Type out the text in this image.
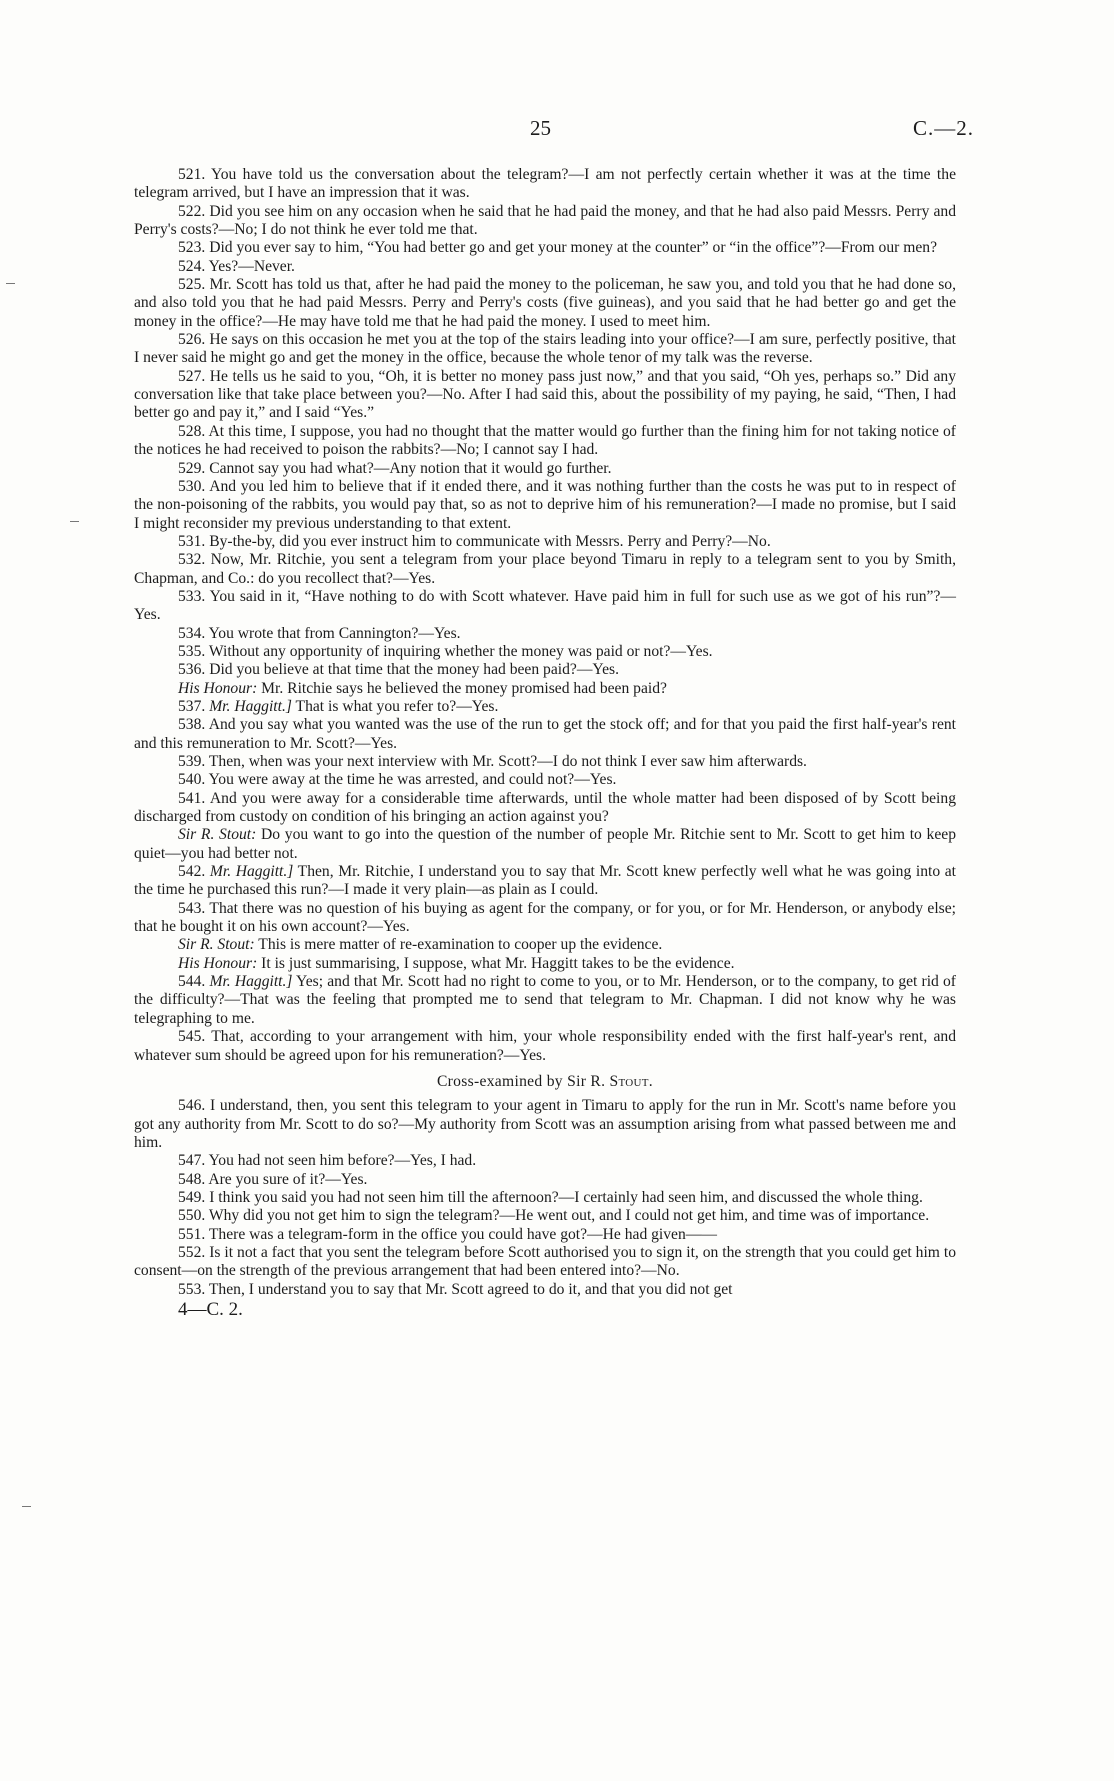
25	C.—2.

521. You have told us the conversation about the telegram?—I am not perfectly certain whether it was at the time the telegram arrived, but I have an impression that it was.

522. Did you see him on any occasion when he said that he had paid the money, and that he had also paid Messrs. Perry and Perry's costs?—No; I do not think he ever told me that.

523. Did you ever say to him, “You had better go and get your money at the counter” or “in the office”?—From our men?

524. Yes?—Never.

525. Mr. Scott has told us that, after he had paid the money to the policeman, he saw you, and told you that he had done so, and also told you that he had paid Messrs. Perry and Perry's costs (five guineas), and you said that he had better go and get the money in the office?—He may have told me that he had paid the money. I used to meet him.

526. He says on this occasion he met you at the top of the stairs leading into your office?—I am sure, perfectly positive, that I never said he might go and get the money in the office, because the whole tenor of my talk was the reverse.

527. He tells us he said to you, “Oh, it is better no money pass just now,” and that you said, “Oh yes, perhaps so.” Did any conversation like that take place between you?—No. After I had said this, about the possibility of my paying, he said, “Then, I had better go and pay it,” and I said “Yes.”

528. At this time, I suppose, you had no thought that the matter would go further than the fining him for not taking notice of the notices he had received to poison the rabbits?—No; I cannot say I had.

529. Cannot say you had what?—Any notion that it would go further.

530. And you led him to believe that if it ended there, and it was nothing further than the costs he was put to in respect of the non-poisoning of the rabbits, you would pay that, so as not to deprive him of his remuneration?—I made no promise, but I said I might reconsider my previous understanding to that extent.

531. By-the-by, did you ever instruct him to communicate with Messrs. Perry and Perry?—No.

532. Now, Mr. Ritchie, you sent a telegram from your place beyond Timaru in reply to a telegram sent to you by Smith, Chapman, and Co.: do you recollect that?—Yes.

533. You said in it, “Have nothing to do with Scott whatever. Have paid him in full for such use as we got of his run”?—Yes.

534. You wrote that from Cannington?—Yes.

535. Without any opportunity of inquiring whether the money was paid or not?—Yes.

536. Did you believe at that time that the money had been paid?—Yes.

His Honour: Mr. Ritchie says he believed the money promised had been paid?

537. Mr. Haggitt.] That is what you refer to?—Yes.

538. And you say what you wanted was the use of the run to get the stock off; and for that you paid the first half-year's rent and this remuneration to Mr. Scott?—Yes.

539. Then, when was your next interview with Mr. Scott?—I do not think I ever saw him afterwards.

540. You were away at the time he was arrested, and could not?—Yes.

541. And you were away for a considerable time afterwards, until the whole matter had been disposed of by Scott being discharged from custody on condition of his bringing an action against you?

Sir R. Stout: Do you want to go into the question of the number of people Mr. Ritchie sent to Mr. Scott to get him to keep quiet—you had better not.

542. Mr. Haggitt.] Then, Mr. Ritchie, I understand you to say that Mr. Scott knew perfectly well what he was going into at the time he purchased this run?—I made it very plain—as plain as I could.

543. That there was no question of his buying as agent for the company, or for you, or for Mr. Henderson, or anybody else; that he bought it on his own account?—Yes.

Sir R. Stout: This is mere matter of re-examination to cooper up the evidence.

His Honour: It is just summarising, I suppose, what Mr. Haggitt takes to be the evidence.

544. Mr. Haggitt.] Yes; and that Mr. Scott had no right to come to you, or to Mr. Henderson, or to the company, to get rid of the difficulty?—That was the feeling that prompted me to send that telegram to Mr. Chapman. I did not know why he was telegraphing to me.

545. That, according to your arrangement with him, your whole responsibility ended with the first half-year's rent, and whatever sum should be agreed upon for his remuneration?—Yes.

Cross-examined by Sir R. Stout.

546. I understand, then, you sent this telegram to your agent in Timaru to apply for the run in Mr. Scott's name before you got any authority from Mr. Scott to do so?—My authority from Scott was an assumption arising from what passed between me and him.

547. You had not seen him before?—Yes, I had.

548. Are you sure of it?—Yes.

549. I think you said you had not seen him till the afternoon?—I certainly had seen him, and discussed the whole thing.

550. Why did you not get him to sign the telegram?—He went out, and I could not get him, and time was of importance.

551. There was a telegram-form in the office you could have got?—He had given——

552. Is it not a fact that you sent the telegram before Scott authorised you to sign it, on the strength that you could get him to consent—on the strength of the previous arrangement that had been entered into?—No.

553. Then, I understand you to say that Mr. Scott agreed to do it, and that you did not get

4—C. 2.
